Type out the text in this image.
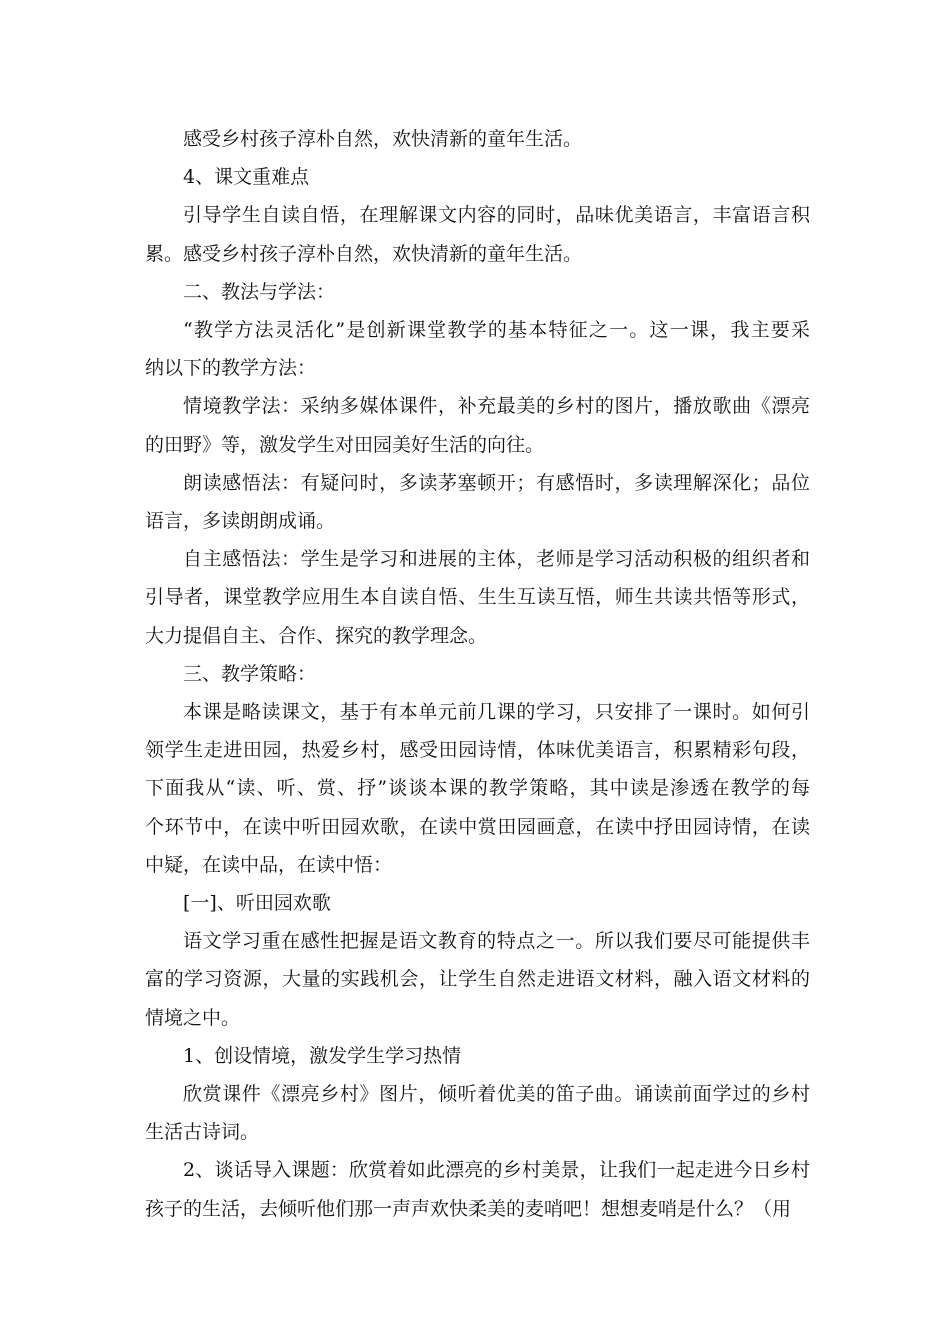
感受乡村孩子淳朴自然，欢快清新的童年生活。

4、课文重难点

引导学生自读自悟，在理解课文内容的同时，品味优美语言，丰富语言积
累。感受乡村孩子淳朴自然，欢快清新的童年生活。

二、教法与学法：

“教学方法灵活化”是创新课堂教学的基本特征之一。这一课，我主要采
纳以下的教学方法：

情境教学法：采纳多媒体课件，补充最美的乡村的图片，播放歌曲《漂亮
的田野》等，激发学生对田园美好生活的向往。

朗读感悟法：有疑问时，多读茅塞顿开；有感悟时，多读理解深化；品位
语言，多读朗朗成诵。

自主感悟法：学生是学习和进展的主体，老师是学习活动积极的组织者和
引导者，课堂教学应用生本自读自悟、生生互读互悟，师生共读共悟等形式，
大力提倡自主、合作、探究的教学理念。

三、教学策略：

本课是略读课文，基于有本单元前几课的学习，只安排了一课时。如何引
领学生走进田园，热爱乡村，感受田园诗情，体味优美语言，积累精彩句段，
下面我从“读、听、赏、抒”谈谈本课的教学策略，其中读是渗透在教学的每
个环节中，在读中听田园欢歌，在读中赏田园画意，在读中抒田园诗情，在读
中疑，在读中品，在读中悟：

[一]、听田园欢歌

语文学习重在感性把握是语文教育的特点之一。所以我们要尽可能提供丰
富的学习资源，大量的实践机会，让学生自然走进语文材料，融入语文材料的
情境之中。

1、创设情境，激发学生学习热情

欣赏课件《漂亮乡村》图片，倾听着优美的笛子曲。诵读前面学过的乡村
生活古诗词。

2、谈话导入课题：欣赏着如此漂亮的乡村美景，让我们一起走进今日乡村
孩子的生活，去倾听他们那一声声欢快柔美的麦哨吧！想想麦哨是什么？（用
